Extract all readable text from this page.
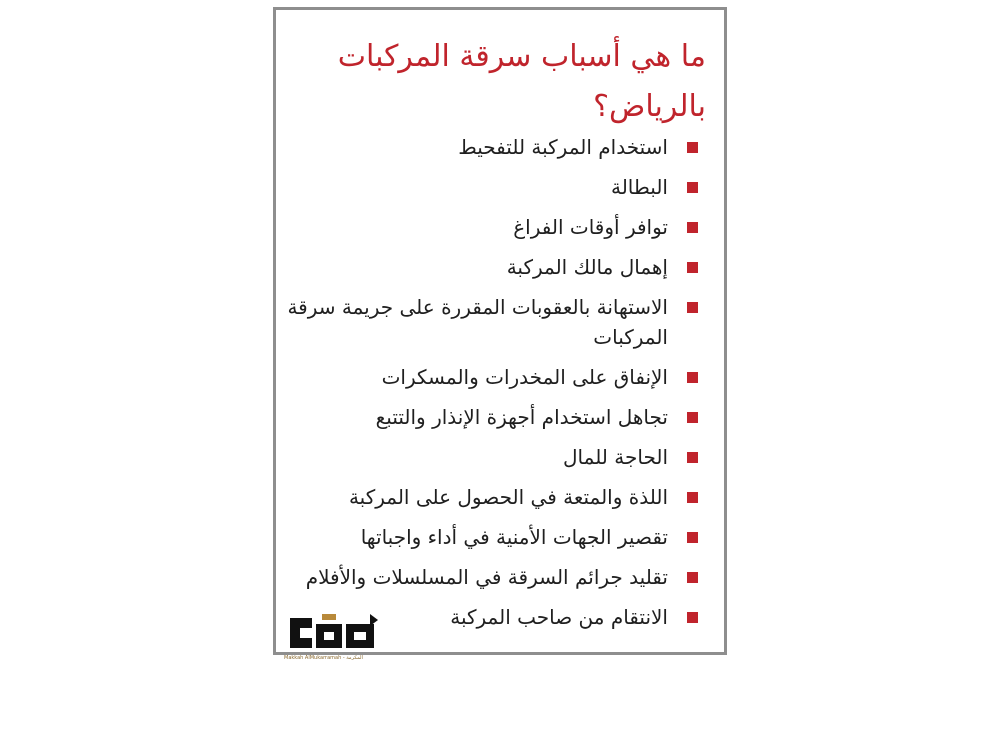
ما هي أسباب سرقة المركبات بالرياض؟
استخدام المركبة للتفحيط
البطالة
توافر أوقات الفراغ
إهمال مالك المركبة
الاستهانة بالعقوبات المقررة على جريمة سرقة المركبات
الإنفاق على المخدرات والمسكرات
تجاهل استخدام أجهزة الإنذار والتتبع
الحاجة للمال
اللذة والمتعة في الحصول على المركبة
تقصير الجهات الأمنية في أداء واجباتها
تقليد جرائم السرقة في المسلسلات والأفلام
الانتقام من صاحب المركبة
Makkah AlMukarramah - المكرمة
